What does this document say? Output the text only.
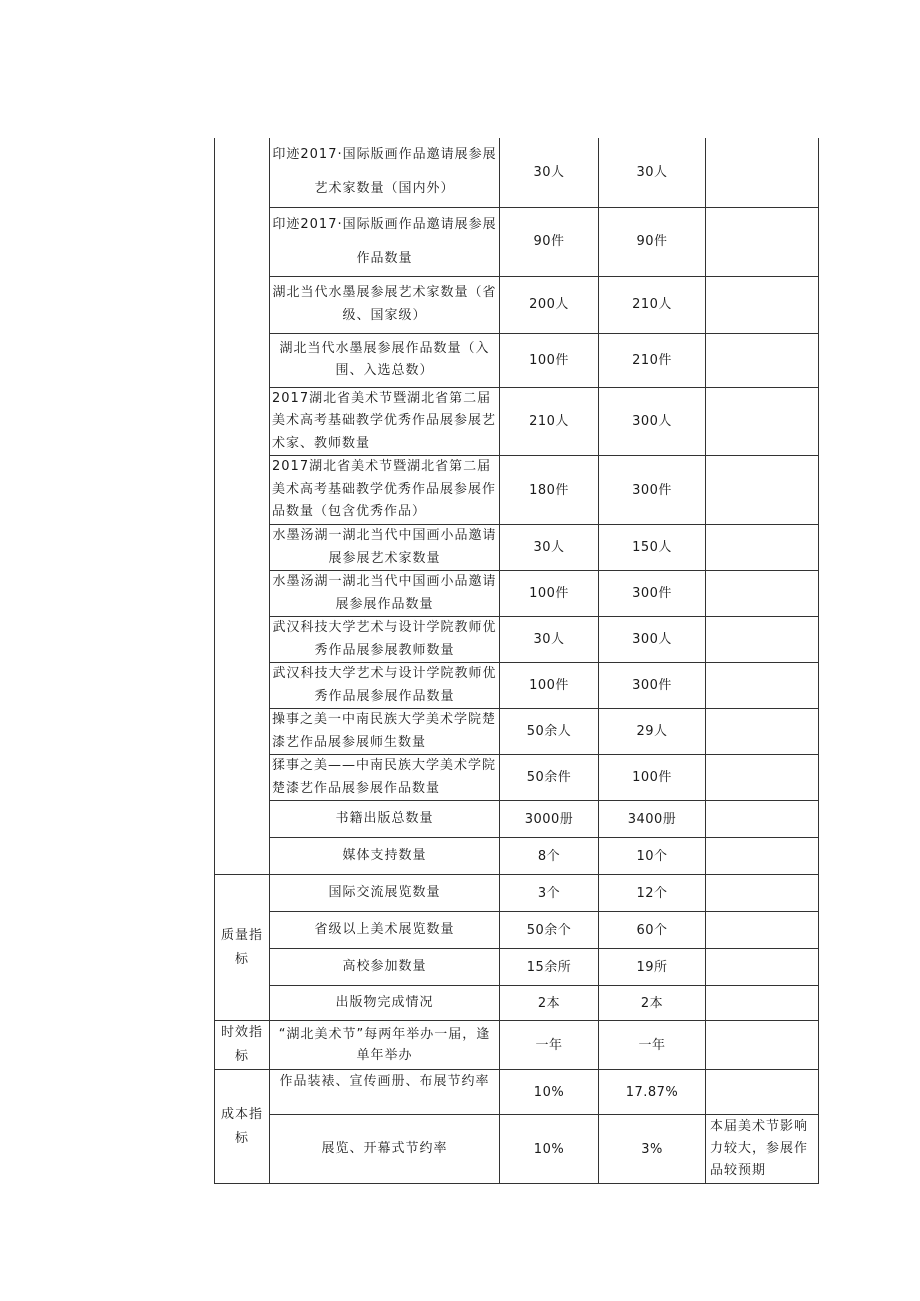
	印迹2017·国际版画作品邀请展参展艺术家数量（国内外）	30人	30人	
	印迹2017·国际版画作品邀请展参展作品数量	90件	90件	
	湖北当代水墨展参展艺术家数量（省级、国家级）	200人	210人	
	湖北当代水墨展参展作品数量（入围、入选总数）	100件	210件	
	2017湖北省美术节暨湖北省第二届美术高考基础教学优秀作品展参展艺术家、教师数量	210人	300人	
	2017湖北省美术节暨湖北省第二届美术高考基础教学优秀作品展参展作品数量（包含优秀作品）	180件	300件	
	水墨汤湖一湖北当代中国画小品邀请展参展艺术家数量	30人	150人	
	水墨汤湖一湖北当代中国画小品邀请展参展作品数量	100件	300件	
	武汉科技大学艺术与设计学院教师优秀作品展参展教师数量	30人	300人	
	武汉科技大学艺术与设计学院教师优秀作品展参展作品数量	100件	300件	
	操事之美一中南民族大学美术学院楚漆艺作品展参展师生数量	50余人	29人	
	猱事之美——中南民族大学美术学院楚漆艺作品展参展作品数量	50余件	100件	
	书籍出版总数量	3000册	3400册	
	媒体支持数量	8个	10个	
质量指标	国际交流展览数量	3个	12个	
	省级以上美术展览数量	50余个	60个	
	高校参加数量	15余所	19所	
	出版物完成情况	2本	2本	
时效指标	“湖北美术节”每两年举办一届，逢单年举办	一年	一年	
成本指标	作品装裱、宣传画册、布展节约率	10%	17.87%	
	展览、开幕式节约率	10%	3%	本届美术节影响力较大，参展作品较预期
